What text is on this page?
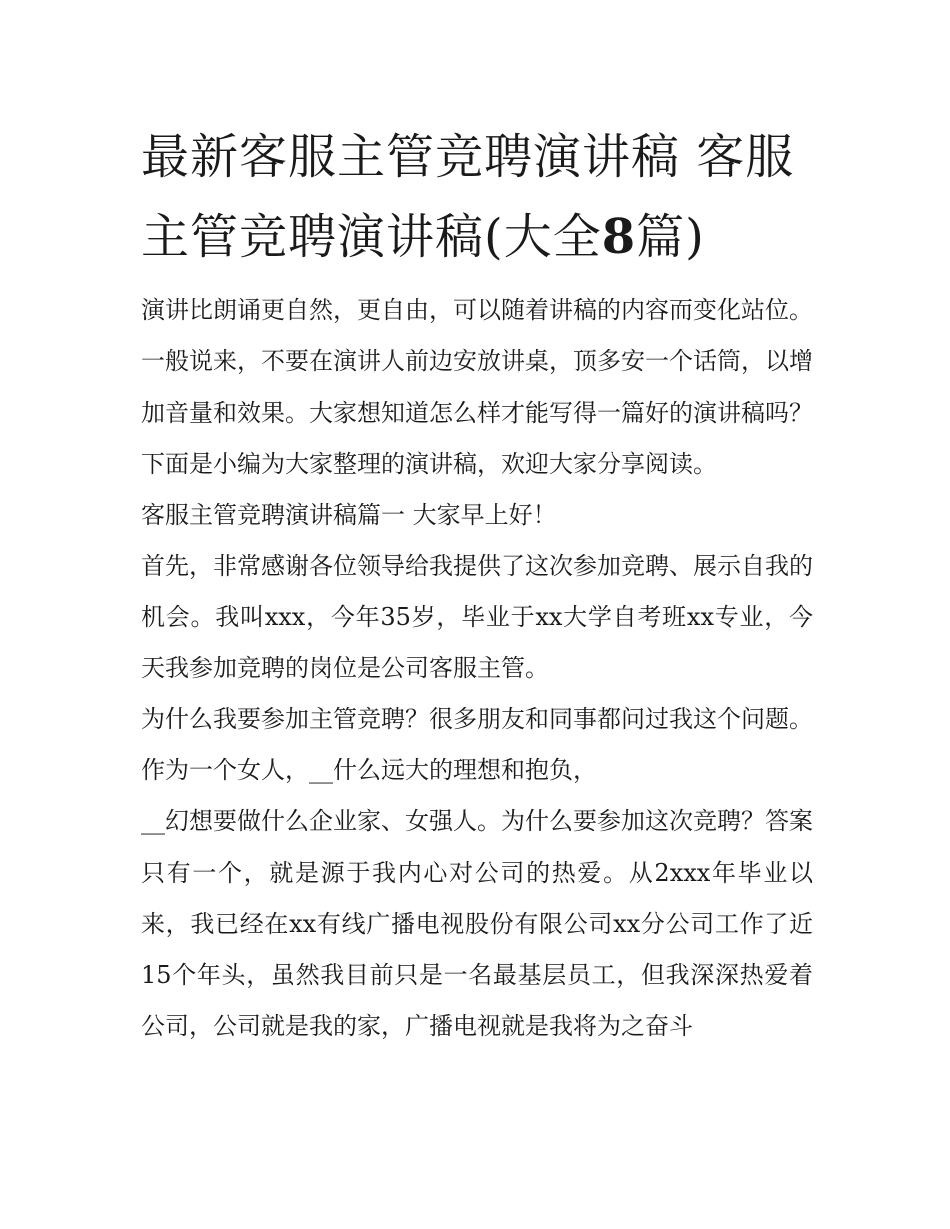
最新客服主管竞聘演讲稿 客服主管竞聘演讲稿(大全8篇)

演讲比朗诵更自然，更自由，可以随着讲稿的内容而变化站位。一般说来，不要在演讲人前边安放讲桌，顶多安一个话筒，以增加音量和效果。大家想知道怎么样才能写得一篇好的演讲稿吗？下面是小编为大家整理的演讲稿，欢迎大家分享阅读。

客服主管竞聘演讲稿篇一 大家早上好！

首先，非常感谢各位领导给我提供了这次参加竞聘、展示自我的机会。我叫xxx，今年35岁，毕业于xx大学自考班xx专业，今天我参加竞聘的岗位是公司客服主管。

为什么我要参加主管竞聘？很多朋友和同事都问过我这个问题。作为一个女人，__什么远大的理想和抱负，

__幻想要做什么企业家、女强人。为什么要参加这次竞聘？答案只有一个，就是源于我内心对公司的热爱。从2xxx年毕业以来，我已经在xx有线广播电视股份有限公司xx分公司工作了近15个年头，虽然我目前只是一名最基层员工，但我深深热爱着公司，公司就是我的家，广播电视就是我将为之奋斗
